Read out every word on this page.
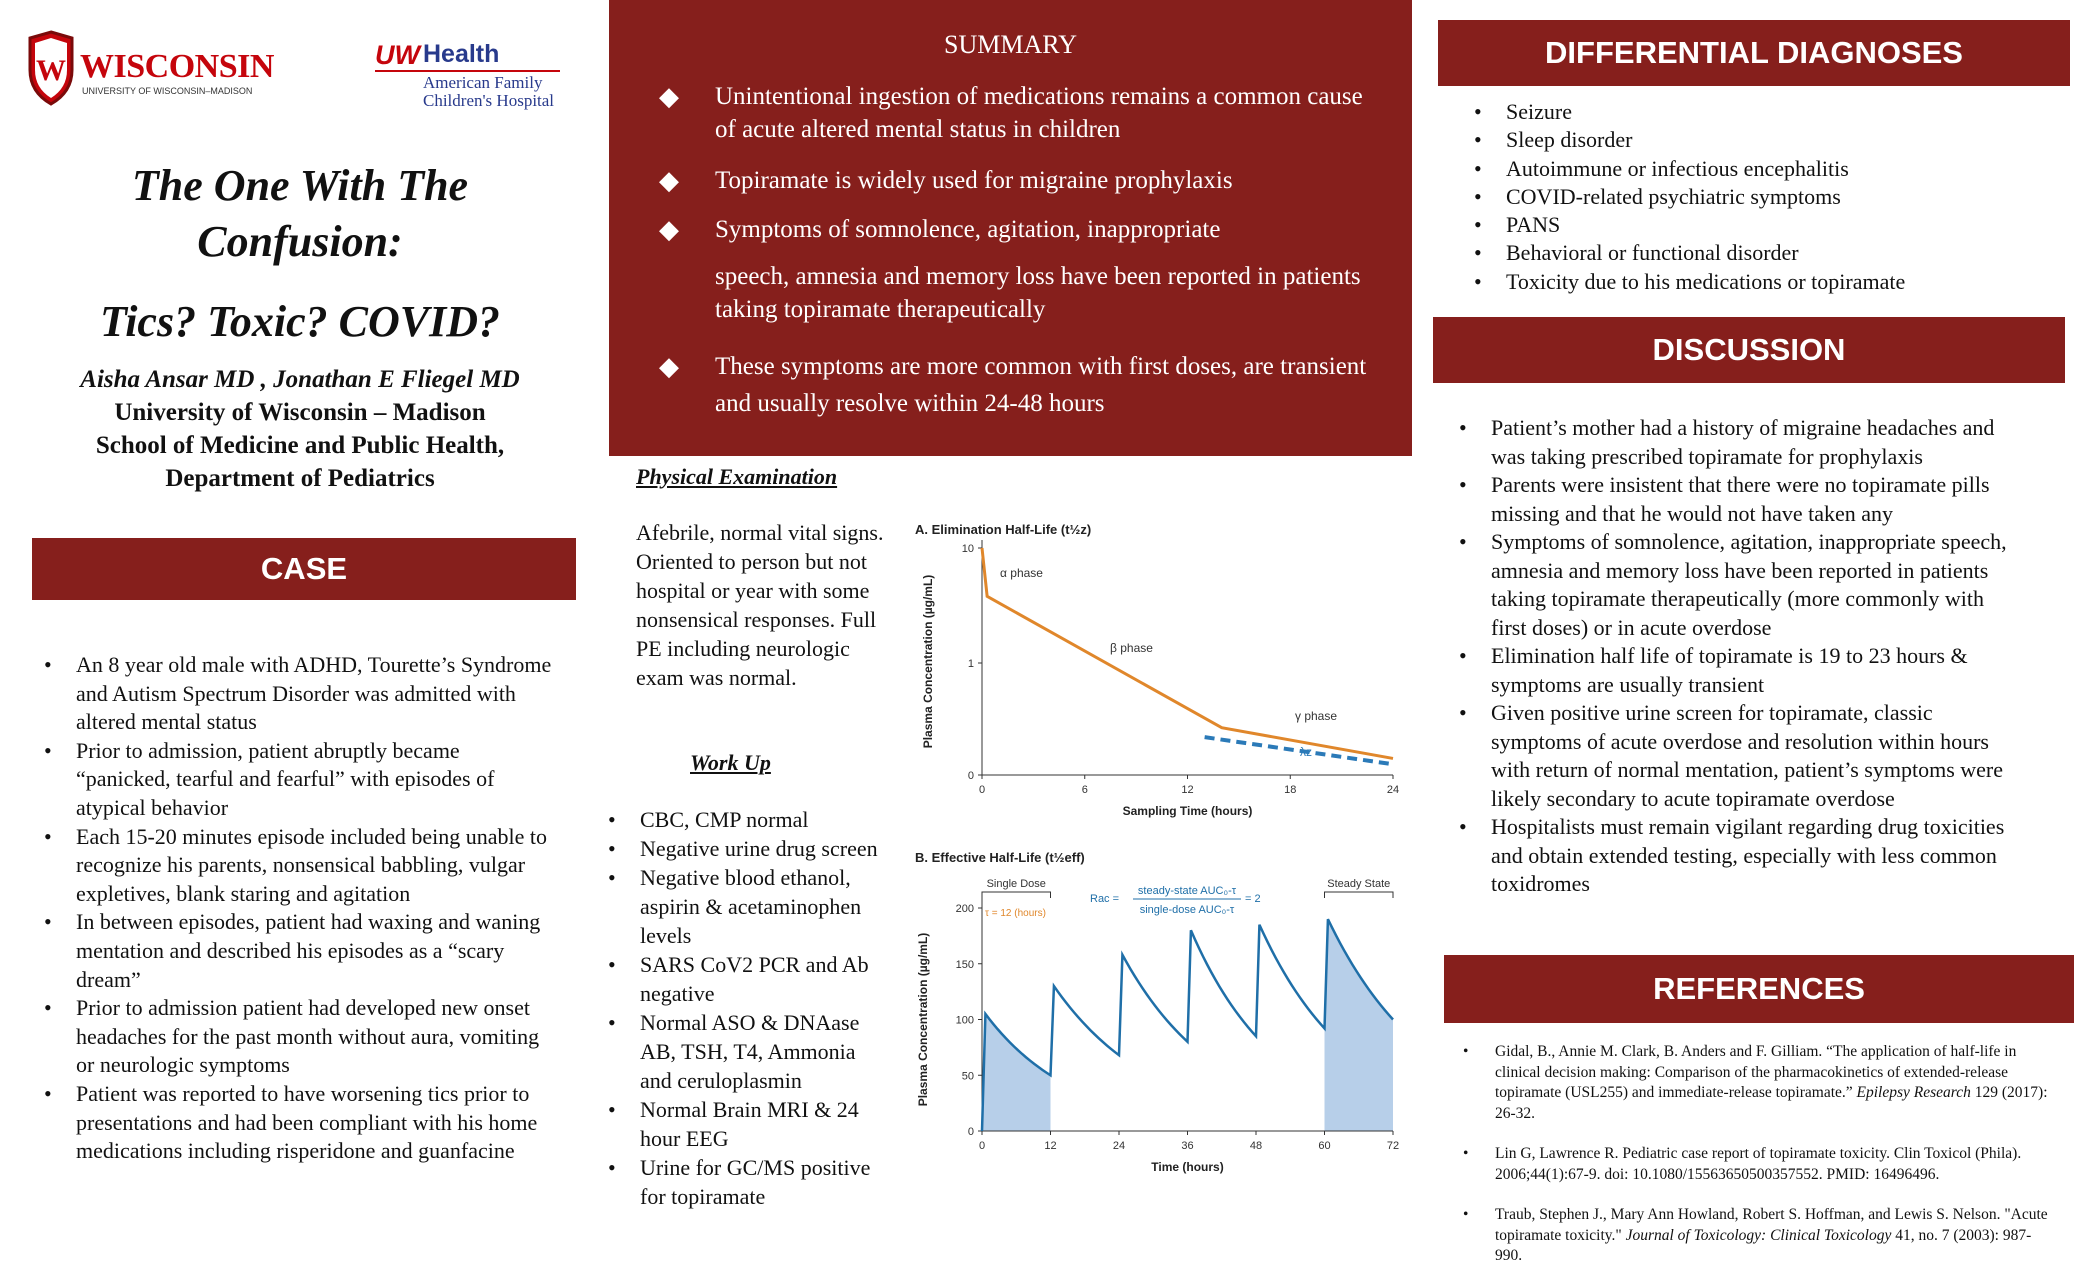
W WISCONSIN
UNIVERSITY OF WISCONSIN–MADISON
UW Health
American Family
Children's Hospital
The One With The
Confusion:
Tics? Toxic? COVID?
Aisha Ansar MD , Jonathan E Fliegel MD
University of Wisconsin – Madison
School of Medicine and Public Health,
Department of Pediatrics
CASE
• An 8 year old male with ADHD, Tourette’s Syndrome and Autism Spectrum Disorder was admitted with altered mental status
• Prior to admission, patient abruptly became “panicked, tearful and fearful” with episodes of atypical behavior
• Each 15-20 minutes episode included being unable to recognize his parents, nonsensical babbling, vulgar expletives, blank staring and agitation
• In between episodes, patient had waxing and waning mentation and described his episodes as a “scary dream”
• Prior to admission patient had developed new onset headaches for the past month without aura, vomiting or neurologic symptoms
• Patient was reported to have worsening tics prior to presentations and had been compliant with his home medications including risperidone and guanfacine
SUMMARY
◆	Unintentional ingestion of medications remains a common cause of acute altered mental status in children
◆	Topiramate is widely used for migraine prophylaxis
◆	Symptoms of somnolence, agitation, inappropriate
speech, amnesia and memory loss have been reported in patients taking topiramate therapeutically
◆	These symptoms are more common with first doses, are transient and usually resolve within 24-48 hours
Physical Examination
Afebrile, normal vital signs. Oriented to person but not hospital or year with some nonsensical responses. Full PE including neurologic exam was normal.
Work Up
• CBC, CMP normal
• Negative urine drug screen
• Negative blood ethanol, aspirin & acetaminophen levels
• SARS CoV2 PCR and Ab negative
• Normal ASO & DNAase AB, TSH, T4, Ammonia and ceruloplasmin
• Normal Brain MRI & 24 hour EEG
• Urine for GC/MS positive for topiramate
A. Elimination Half-Life (t½z)
10
1
0
0	6	12	18	24
Sampling Time (hours)
Plasma Concentration (µg/mL)
α phase
β phase
γ phase
λz
B. Effective Half-Life (t½eff)
0
50
100
150
200
0	12	24	36	48	60	72
Time (hours)
Plasma Concentration (µg/mL)
Single Dose	Steady State
τ = 12 (hours)
Rac =
steady-state AUC₀-τ
single-dose AUC₀-τ
= 2
DIFFERENTIAL DIAGNOSES
• Seizure
• Sleep disorder
• Autoimmune or infectious encephalitis
• COVID-related psychiatric symptoms
• PANS
• Behavioral or functional disorder
• Toxicity due to his medications or topiramate
DISCUSSION
• Patient’s mother had a history of migraine headaches and was taking prescribed topiramate for prophylaxis
• Parents were insistent that there were no topiramate pills missing and that he would not have taken any
• Symptoms of somnolence, agitation, inappropriate speech, amnesia and memory loss have been reported in patients taking topiramate therapeutically (more commonly with first doses) or in acute overdose
• Elimination half life of topiramate is 19 to 23 hours & symptoms are usually transient
• Given positive urine screen for topiramate, classic symptoms of acute overdose and resolution within hours with return of normal mentation, patient’s symptoms were likely secondary to acute topiramate overdose
• Hospitalists must remain vigilant regarding drug toxicities and obtain extended testing, especially with less common toxidromes
REFERENCES
• Gidal, B., Annie M. Clark, B. Anders and F. Gilliam. “The application of half-life in clinical decision making: Comparison of the pharmacokinetics of extended-release topiramate (USL255) and immediate-release topiramate.” Epilepsy Research 129 (2017): 26-32.
• Lin G, Lawrence R. Pediatric case report of topiramate toxicity. Clin Toxicol (Phila). 2006;44(1):67-9. doi: 10.1080/15563650500357552. PMID: 16496496.
• Traub, Stephen J., Mary Ann Howland, Robert S. Hoffman, and Lewis S. Nelson. "Acute topiramate toxicity." Journal of Toxicology: Clinical Toxicology 41, no. 7 (2003): 987-990.
